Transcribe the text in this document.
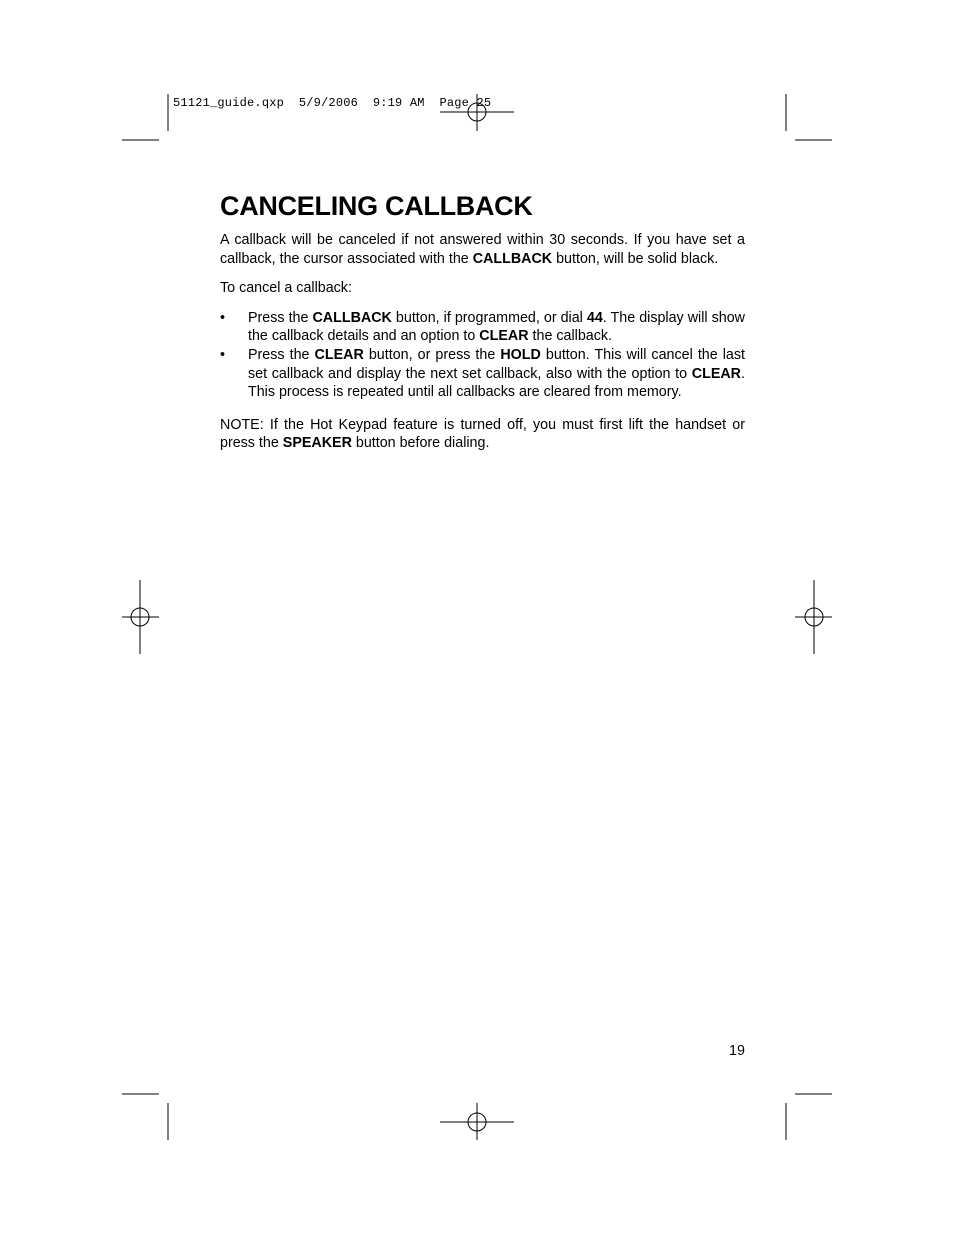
51121_guide.qxp  5/9/2006  9:19 AM  Page 25
CANCELING CALLBACK

A callback will be canceled if not answered within 30 seconds. If you have set a callback, the cursor associated with the CALLBACK button, will be solid black.

To cancel a callback:

• Press the CALLBACK button, if programmed, or dial 44. The display will show the callback details and an option to CLEAR the callback.
• Press the CLEAR button, or press the HOLD button. This will cancel the last set callback and display the next set callback, also with the option to CLEAR. This process is repeated until all callbacks are cleared from memory.

NOTE: If the Hot Keypad feature is turned off, you must first lift the handset or press the SPEAKER button before dialing.

19
